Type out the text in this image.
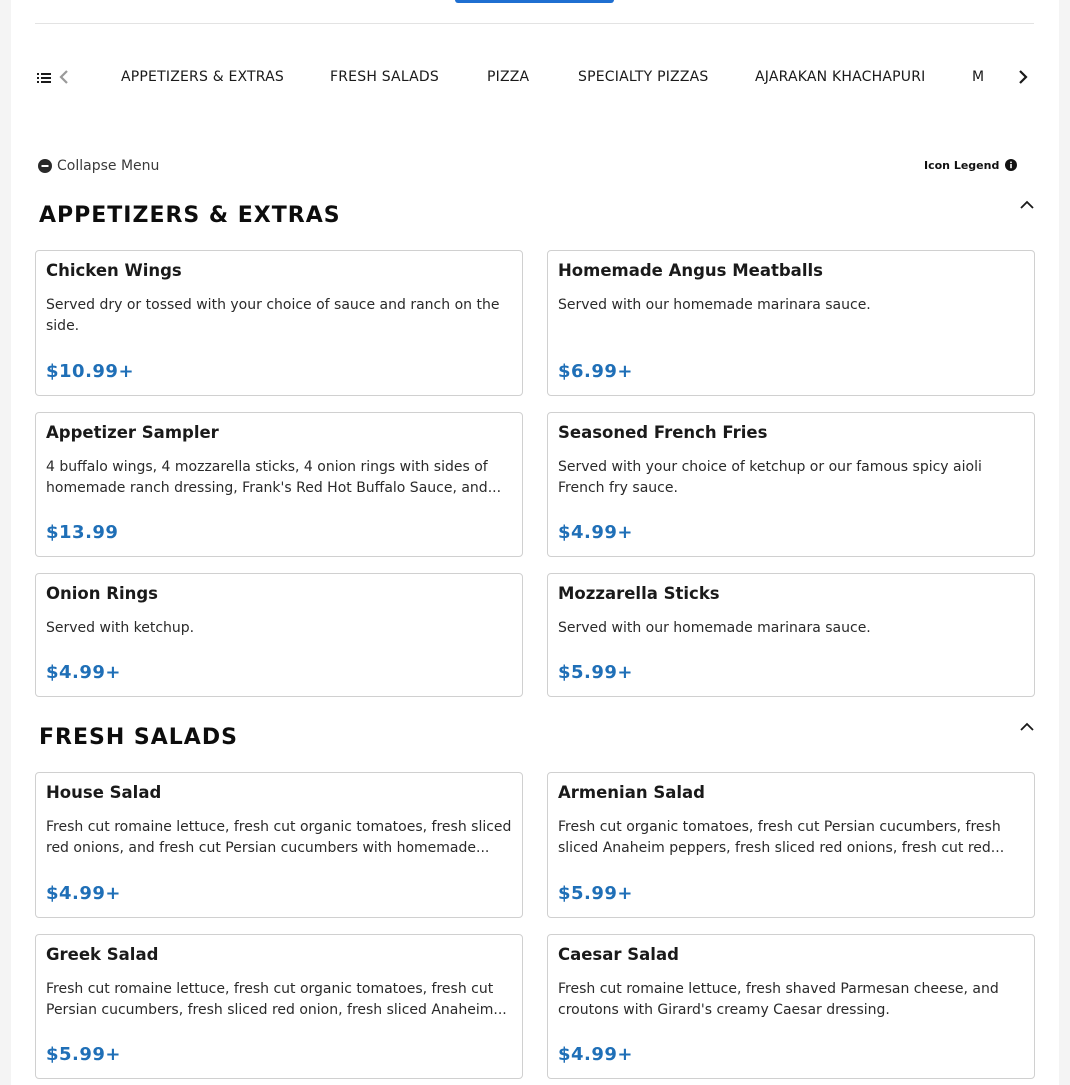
APPETIZERS & EXTRAS	FRESH SALADS	PIZZA	SPECIALTY PIZZAS	AJARAKAN KHACHAPURI	M
Collapse Menu	Icon Legend
APPETIZERS & EXTRAS
Chicken Wings
Served dry or tossed with your choice of sauce and ranch on the side.
$10.99+
Homemade Angus Meatballs
Served with our homemade marinara sauce.
$6.99+
Appetizer Sampler
4 buffalo wings, 4 mozzarella sticks, 4 onion rings with sides of homemade ranch dressing, Frank's Red Hot Buffalo Sauce, and...
$13.99
Seasoned French Fries
Served with your choice of ketchup or our famous spicy aioli French fry sauce.
$4.99+
Onion Rings
Served with ketchup.
$4.99+
Mozzarella Sticks
Served with our homemade marinara sauce.
$5.99+
FRESH SALADS
House Salad
Fresh cut romaine lettuce, fresh cut organic tomatoes, fresh sliced red onions, and fresh cut Persian cucumbers with homemade...
$4.99+
Armenian Salad
Fresh cut organic tomatoes, fresh cut Persian cucumbers, fresh sliced Anaheim peppers, fresh sliced red onions, fresh cut red...
$5.99+
Greek Salad
Fresh cut romaine lettuce, fresh cut organic tomatoes, fresh cut Persian cucumbers, fresh sliced red onion, fresh sliced Anaheim...
$5.99+
Caesar Salad
Fresh cut romaine lettuce, fresh shaved Parmesan cheese, and croutons with Girard's creamy Caesar dressing.
$4.99+
